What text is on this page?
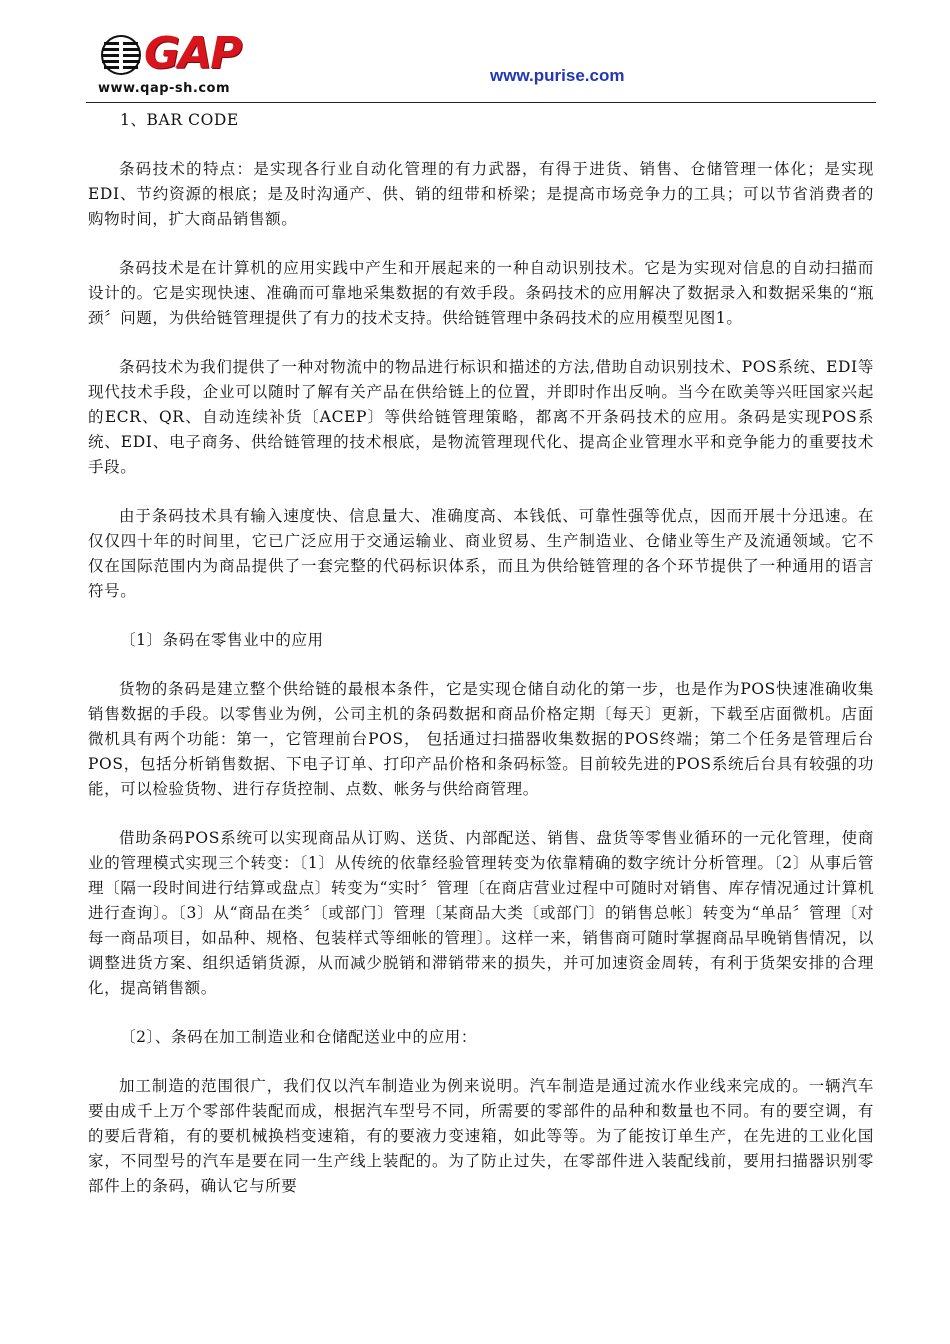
GAP
www.qap-sh.com
www.purise.com

1、BAR CODE

条码技术的特点：是实现各行业自动化管理的有力武器，有得于进货、销售、仓储管理一体化；是实现EDI、节约资源的根底；是及时沟通产、供、销的纽带和桥梁；是提高市场竞争力的工具；可以节省消费者的购物时间，扩大商品销售额。

条码技术是在计算机的应用实践中产生和开展起来的一种自动识别技术。它是为实现对信息的自动扫描而设计的。它是实现快速、准确而可靠地采集数据的有效手段。条码技术的应用解决了数据录入和数据采集的“瓶颈〞问题，为供给链管理提供了有力的技术支持。供给链管理中条码技术的应用模型见图1。

条码技术为我们提供了一种对物流中的物品进行标识和描述的方法,借助自动识别技术、POS系统、EDI等现代技术手段，企业可以随时了解有关产品在供给链上的位置，并即时作出反响。当今在欧美等兴旺国家兴起的ECR、QR、自动连续补货〔ACEP〕等供给链管理策略，都离不开条码技术的应用。条码是实现POS系统、EDI、电子商务、供给链管理的技术根底，是物流管理现代化、提高企业管理水平和竞争能力的重要技术手段。

由于条码技术具有输入速度快、信息量大、准确度高、本钱低、可靠性强等优点，因而开展十分迅速。在仅仅四十年的时间里，它已广泛应用于交通运输业、商业贸易、生产制造业、仓储业等生产及流通领域。它不仅在国际范围内为商品提供了一套完整的代码标识体系，而且为供给链管理的各个环节提供了一种通用的语言符号。

〔1〕条码在零售业中的应用

货物的条码是建立整个供给链的最根本条件，它是实现仓储自动化的第一步，也是作为POS快速准确收集销售数据的手段。以零售业为例，公司主机的条码数据和商品价格定期〔每天〕更新，下载至店面微机。店面微机具有两个功能：第一，它管理前台POS， 包括通过扫描器收集数据的POS终端；第二个任务是管理后台POS，包括分析销售数据、下电子订单、打印产品价格和条码标签。目前较先进的POS系统后台具有较强的功能，可以检验货物、进行存货控制、点数、帐务与供给商管理。

借助条码POS系统可以实现商品从订购、送货、内部配送、销售、盘货等零售业循环的一元化管理，使商业的管理模式实现三个转变：〔1〕从传统的依靠经验管理转变为依靠精确的数字统计分析管理。〔2〕从事后管理〔隔一段时间进行结算或盘点〕转变为“实时〞管理〔在商店营业过程中可随时对销售、库存情况通过计算机进行查询〕。〔3〕从“商品在类〞〔或部门〕管理〔某商品大类〔或部门〕的销售总帐〕转变为“单品〞管理〔对每一商品项目，如品种、规格、包装样式等细帐的管理〕。这样一来，销售商可随时掌握商品早晚销售情况，以调整进货方案、组织适销货源，从而减少脱销和滞销带来的损失，并可加速资金周转，有利于货架安排的合理化，提高销售额。

〔2〕、条码在加工制造业和仓储配送业中的应用：

加工制造的范围很广，我们仅以汽车制造业为例来说明。汽车制造是通过流水作业线来完成的。一辆汽车要由成千上万个零部件装配而成，根据汽车型号不同，所需要的零部件的品种和数量也不同。有的要空调，有的要后背箱，有的要机械换档变速箱，有的要液力变速箱，如此等等。为了能按订单生产，在先进的工业化国家，不同型号的汽车是要在同一生产线上装配的。为了防止过失，在零部件进入装配线前，要用扫描器识别零部件上的条码，确认它与所要
